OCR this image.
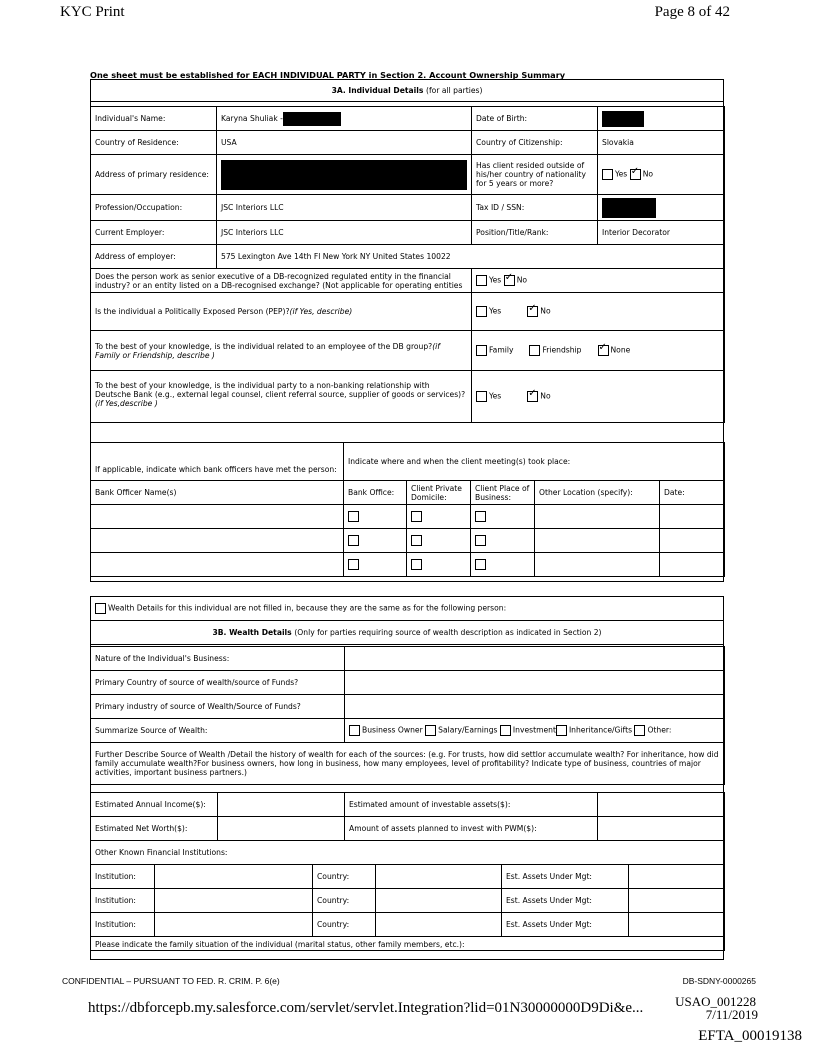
KYC Print	Page 8 of 42
One sheet must be established for EACH INDIVIDUAL PARTY in Section 2. Account Ownership Summary
3A. Individual Details (for all parties)
Individual's Name:	Karyna Shuliak -	Date of Birth:	
Country of Residence:	USA	Country of Citizenship:	Slovakia
Address of primary residence:		Has client resided outside of his/her country of nationality for 5 years or more?	Yes ✓ No
Profession/Occupation:	JSC Interiors LLC	Tax ID / SSN:	
Current Employer:	JSC Interiors LLC	Position/Title/Rank:	Interior Decorator
Address of employer:	575 Lexington Ave 14th Fl New York NY United States 10022		
Does the person work as senior executive of a DB-recognized regulated entity in the financial industry? or an entity listed on a DB-recognised exchange? (Not applicable for operating entities	Yes ✓ No
Is the individual a Politically Exposed Person (PEP)?(if Yes, describe)	Yes ✓ No
To the best of your knowledge, is the individual related to an employee of the DB group?(if Family or Friendship, describe )	Family Friendship ✓ None
To the best of your knowledge, is the individual party to a non-banking relationship with Deutsche Bank (e.g., external legal counsel, client referral source, supplier of goods or services)?
(if Yes,describe )	Yes ✓ No
If applicable, indicate which bank officers have met the person:	Indicate where and when the client meeting(s) took place:				
Bank Officer Name(s)	Bank Office:	Client Private Domicile:	Client Place of Business:	Other Location (specify):	Date:

Wealth Details for this individual are not filled in, because they are the same as for the following person:
3B. Wealth Details (Only for parties requiring source of wealth description as indicated in Section 2)
Nature of the Individual's Business:	
Primary Country of source of wealth/source of Funds?	
Primary industry of source of Wealth/Source of Funds?	
Summarize Source of Wealth:	Business Owner Salary/Earnings Investment Inheritance/Gifts Other:
Further Describe Source of Wealth /Detail the history of wealth for each of the sources: (e.g. For trusts, how did settlor accumulate wealth? For inheritance, how did family accumulate wealth?For business owners, how long in business, how many employees, level of profitability? Indicate type of business, countries of major activities, important business partners.)	
Estimated Annual Income($):		Estimated amount of investable assets($):	
Estimated Net Worth($):		Amount of assets planned to invest with PWM($):	
Other Known Financial Institutions:			
Institution:		Country:		Est. Assets Under Mgt:	
Institution:		Country:		Est. Assets Under Mgt:	
Institution:		Country:		Est. Assets Under Mgt:	
Please indicate the family situation of the individual (marital status, other family members, etc.):					
CONFIDENTIAL – PURSUANT TO FED. R. CRIM. P. 6(e)	DB-SDNY-0000265
https://dbforcepb.my.salesforce.com/servlet/servlet.Integration?lid=01N30000000D9Di&e... USAO_001228
7/11/2019
EFTA_00019138
